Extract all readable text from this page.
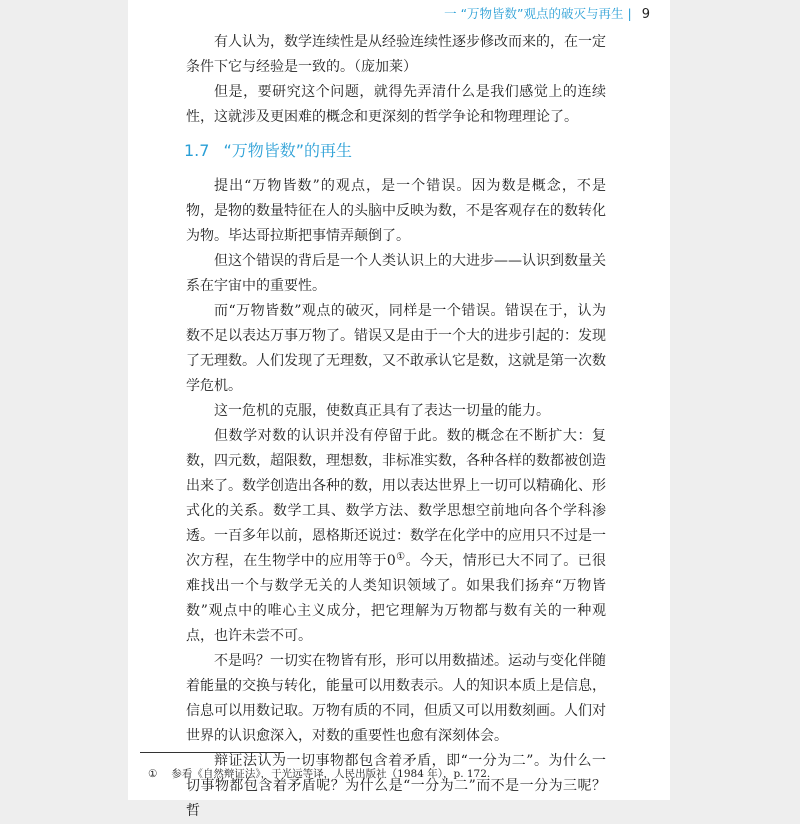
一 “万物皆数”观点的破灭与再生 | 9

有人认为，数学连续性是从经验连续性逐步修改而来的，在一定条件下它与经验是一致的。（庞加莱）

但是，要研究这个问题，就得先弄清什么是我们感觉上的连续性，这就涉及更困难的概念和更深刻的哲学争论和物理理论了。

1.7 “万物皆数”的再生

提出“万物皆数”的观点，是一个错误。因为数是概念，不是物，是物的数量特征在人的头脑中反映为数，不是客观存在的数转化为物。毕达哥拉斯把事情弄颠倒了。

但这个错误的背后是一个人类认识上的大进步——认识到数量关系在宇宙中的重要性。

而“万物皆数”观点的破灭，同样是一个错误。错误在于，认为数不足以表达万事万物了。错误又是由于一个大的进步引起的：发现了无理数。人们发现了无理数，又不敢承认它是数，这就是第一次数学危机。

这一危机的克服，使数真正具有了表达一切量的能力。

但数学对数的认识并没有停留于此。数的概念在不断扩大：复数，四元数，超限数，理想数，非标准实数，各种各样的数都被创造出来了。数学创造出各种的数，用以表达世界上一切可以精确化、形式化的关系。数学工具、数学方法、数学思想空前地向各个学科渗透。一百多年以前，恩格斯还说过：数学在化学中的应用只不过是一次方程，在生物学中的应用等于0①。今天，情形已大不同了。已很难找出一个与数学无关的人类知识领域了。如果我们扬弃“万物皆数”观点中的唯心主义成分，把它理解为万物都与数有关的一种观点，也许未尝不可。

不是吗？一切实在物皆有形，形可以用数描述。运动与变化伴随着能量的交换与转化，能量可以用数表示。人的知识本质上是信息，信息可以用数记取。万物有质的不同，但质又可以用数刻画。人们对世界的认识愈深入，对数的重要性也愈有深刻体会。

辩证法认为一切事物都包含着矛盾，即“一分为二”。为什么一切事物都包含着矛盾呢？为什么是“一分为二”而不是一分为三呢？哲

① 参看《自然辩证法》，于光远等译，人民出版社（1984 年），p. 172.
